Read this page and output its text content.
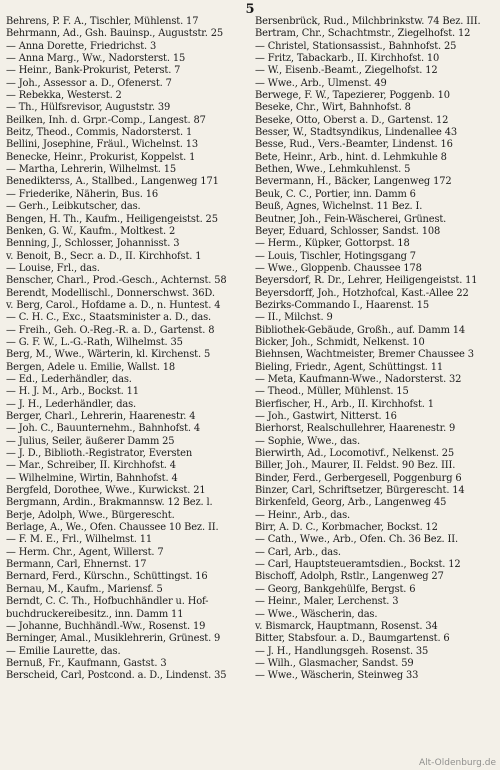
5
Behrens, P. F. A., Tischler, Mühlenst. 17
Behrmann, Ad., Gsh. Bauinsp., Auguststr. 25
— Anna Dorette, Friedrichst. 3
— Anna Marg., Ww., Nadorsterst. 15
— Heinr., Bank-Prokurist, Peterst. 7
— Joh., Assessor a. D., Ofenerst. 7
— Rebekka, Westerst. 2
— Th., Hülfsrevisor, Auguststr. 39
Beilken, Inh. d. Grpr.-Comp., Langest. 87
Beitz, Theod., Commis, Nadorsterst. 1
Bellini, Josephine, Fräul., Wichelnst. 13
Benecke, Heinr., Prokurist, Koppelst. 1
— Martha, Lehrerin, Wilhelmst. 15
Benedikterss, A., Stallbed., Langenweg 171
— Friederike, Näherin, Bus. 16
— Gerh., Leibkutscher, das.
Bengen, H. Th., Kaufm., Heiligengeistst. 25
Benken, G. W., Kaufm., Moltkest. 2
Benning, J., Schlosser, Johannisst. 3
v. Benoit, B., Secr. a. D., II. Kirchhofst. 1
— Louise, Frl., das.
Benscher, Charl., Prod.-Gesch., Achternst. 58
Berendt, Modellischl., Donnerschwst. 36D.
v. Berg, Carol., Hofdame a. D., n. Huntest. 4
— C. H. C., Exc., Staatsminister a. D., das.
— Freih., Geh. O.-Reg.-R. a. D., Gartenst. 8
— G. F. W., L.-G.-Rath, Wilhelmst. 35
Berg, M., Wwe., Wärterin, kl. Kirchenst. 5
Bergen, Adele u. Emilie, Wallst. 18
— Ed., Lederhändler, das.
— H. J. M., Arb., Bockst. 11
— J. H., Lederhändler, das.
Berger, Charl., Lehrerin, Haarenestr. 4
— Joh. C., Bauunternehm., Bahnhofst. 4
— Julius, Seiler, äußerer Damm 25
— J. D., Biblioth.-Registrator, Eversten
— Mar., Schreiber, II. Kirchhofst. 4
— Wilhelmine, Wirtin, Bahnhofst. 4
Bergfeld, Dorothee, Wwe., Kurwickst. 21
Bergmann, Ardin., Brakmannsw. 12 Bez. l.
Berje, Adolph, Wwe., Bürgerescht.
Berlage, A., We., Ofen. Chaussee 10 Bez. II.
— F. M. E., Frl., Wilhelmst. 11
— Herm. Chr., Agent, Willerst. 7
Bermann, Carl, Ehnernst. 17
Bernard, Ferd., Kürschn., Schüttingst. 16
Bernau, M., Kaufm., Mariensf. 5
Berndt, C. C. Th., Hofbuchhändler u. Hof-
buchdruckereibesitz., inn. Damm 11
— Johanne, Buchhändl.-Ww., Rosenst. 19
Berninger, Amal., Musiklehrerin, Grünest. 9
— Emilie Laurette, das.
Bernuß, Fr., Kaufmann, Gastst. 3
Berscheid, Carl, Postcond. a. D., Lindenst. 35
Bersenbrück, Rud., Milchbrinkstw. 74 Bez. III.
Bertram, Chr., Schachtmstr., Ziegelhofst. 12
— Christel, Stationsassist., Bahnhofst. 25
— Fritz, Tabackarb., II. Kirchhofst. 10
— W., Eisenb.-Beamt., Ziegelhofst. 12
— Wwe., Arb., Ulmenst. 49
Berwege, F. W., Tapezierer, Poggenb. 10
Beseke, Chr., Wirt, Bahnhofst. 8
Beseke, Otto, Oberst a. D., Gartenst. 12
Besser, W., Stadtsyndikus, Lindenallee 43
Besse, Rud., Vers.-Beamter, Lindenst. 16
Bete, Heinr., Arb., hint. d. Lehmkuhle 8
Bethen, Wwe., Lehmkuhlenst. 5
Bevermann, H., Bäcker, Langenweg 172
Beuk, C. C., Portier, inn. Damm 6
Beuß, Agnes, Wichelnst. 11 Bez. I.
Beutner, Joh., Fein-Wäscherei, Grünest.
Beyer, Eduard, Schlosser, Sandst. 108
— Herm., Küpker, Gottorpst. 18
— Louis, Tischler, Hotingsgang 7
— Wwe., Gloppenb. Chaussee 178
Beyersdorf, R. Dr., Lehrer, Heiligengeistst. 11
Beyersdorff, Joh., Hotzhofcal, Kast.-Allee 22
Bezirks-Commando I., Haarenst. 15
— II., Milchst. 9
Bibliothek-Gebäude, Großh., auf. Damm 14
Bicker, Joh., Schmidt, Nelkenst. 10
Biehnsen, Wachtmeister, Bremer Chaussee 3
Bieling, Friedr., Agent, Schüttingst. 11
— Meta, Kaufmann-Wwe., Nadorsterst. 32
— Theod., Müller, Mühlenst. 15
Bierfischer, H., Arb., II. Kirchhofst. 1
— Joh., Gastwirt, Nitterst. 16
Bierhorst, Realschullehrer, Haarenestr. 9
— Sophie, Wwe., das.
Bierwirth, Ad., Locomotivf., Nelkenst. 25
Biller, Joh., Maurer, II. Feldst. 90 Bez. III.
Binder, Ferd., Gerbergesell, Poggenburg 6
Binzer, Carl, Schriftsetzer, Bürgerescht. 14
Birkenfeld, Georg, Arb., Langenweg 45
— Heinr., Arb., das.
Birr, A. D. C., Korbmacher, Bockst. 12
— Cath., Wwe., Arb., Ofen. Ch. 36 Bez. II.
— Carl, Arb., das.
— Carl, Hauptsteueramtsdien., Bockst. 12
Bischoff, Adolph, Rstlr., Langenweg 27
— Georg, Bankgehülfe, Bergst. 6
— Heinr., Maler, Lerchenst. 3
— Wwe., Wäscherin, das.
v. Bismarck, Hauptmann, Rosenst. 34
Bitter, Stabsfour. a. D., Baumgartenst. 6
— J. H., Handlungsgeh. Rosenst. 35
— Wilh., Glasmacher, Sandst. 59
— Wwe., Wäscherin, Steinweg 33
Alt-Oldenburg.de
